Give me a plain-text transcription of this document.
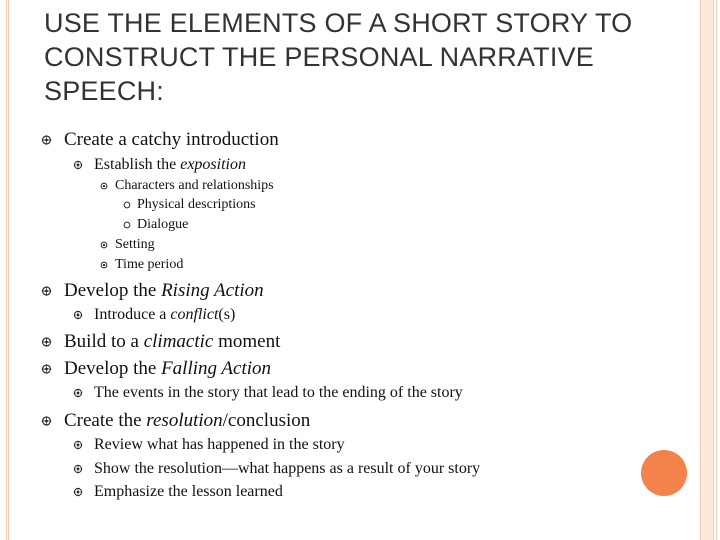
USE THE ELEMENTS OF A SHORT STORY TO CONSTRUCT THE PERSONAL NARRATIVE SPEECH:
Create a catchy introduction
Establish the exposition
Characters and relationships
Physical descriptions
Dialogue
Setting
Time period
Develop the Rising Action
Introduce a conflict(s)
Build to a climactic moment
Develop the Falling Action
The events in the story that lead to the ending of the story
Create the resolution/conclusion
Review what has happened in the story
Show the resolution—what happens as a result of your story
Emphasize the lesson learned
